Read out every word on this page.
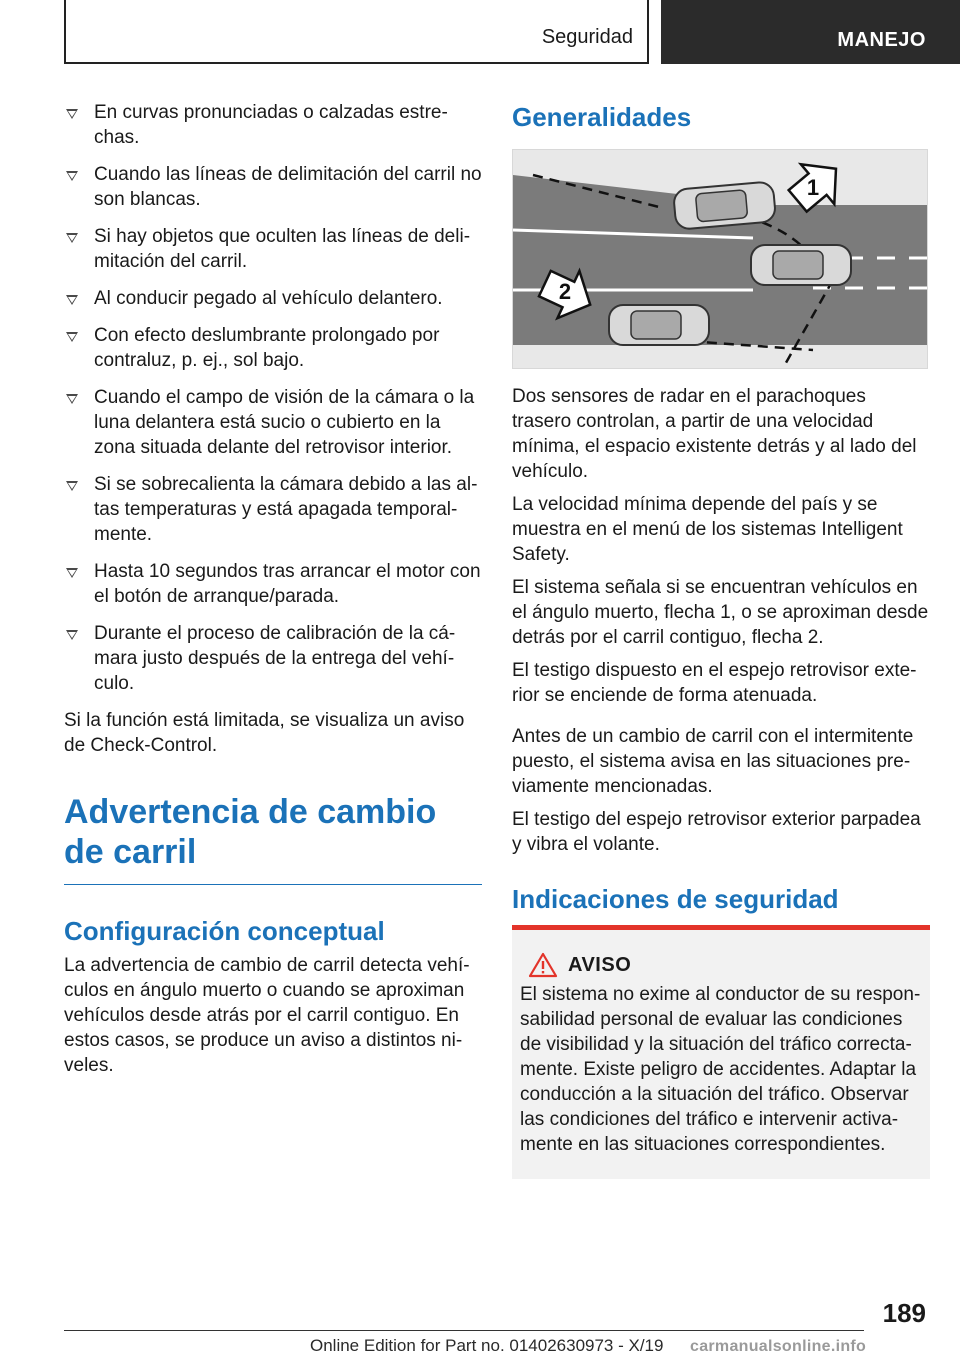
Seguridad	MANEJO
En curvas pronunciadas o calzadas estrechas.
Cuando las líneas de delimitación del carril no son blancas.
Si hay objetos que oculten las líneas de delimitación del carril.
Al conducir pegado al vehículo delantero.
Con efecto deslumbrante prolongado por contraluz, p. ej., sol bajo.
Cuando el campo de visión de la cámara o la luna delantera está sucio o cubierto en la zona situada delante del retrovisor interior.
Si se sobrecalienta la cámara debido a las altas temperaturas y está apagada temporalmente.
Hasta 10 segundos tras arrancar el motor con el botón de arranque/parada.
Durante el proceso de calibración de la cámara justo después de la entrega del vehículo.

Si la función está limitada, se visualiza un aviso de Check-Control.

Advertencia de cambio de carril
Configuración conceptual

La advertencia de cambio de carril detecta vehículos en ángulo muerto o cuando se aproximan vehículos desde atrás por el carril contiguo. En estos casos, se produce un aviso a distintos niveles.

Generalidades
1
2

Dos sensores de radar en el parachoques trasero controlan, a partir de una velocidad mínima, el espacio existente detrás y al lado del vehículo.

La velocidad mínima depende del país y se muestra en el menú de los sistemas Intelligent Safety.

El sistema señala si se encuentran vehículos en el ángulo muerto, flecha 1, o se aproximan desde detrás por el carril contiguo, flecha 2.

El testigo dispuesto en el espejo retrovisor exterior se enciende de forma atenuada.

Antes de un cambio de carril con el intermitente puesto, el sistema avisa en las situaciones previamente mencionadas.

El testigo del espejo retrovisor exterior parpadea y vibra el volante.

Indicaciones de seguridad
AVISO

El sistema no exime al conductor de su responsabilidad personal de evaluar las condiciones de visibilidad y la situación del tráfico correctamente. Existe peligro de accidentes. Adaptar la conducción a la situación del tráfico. Observar las condiciones del tráfico e intervenir activamente en las situaciones correspondientes.

189
Online Edition for Part no. 01402630973 - X/19 carmanualsonline.info
